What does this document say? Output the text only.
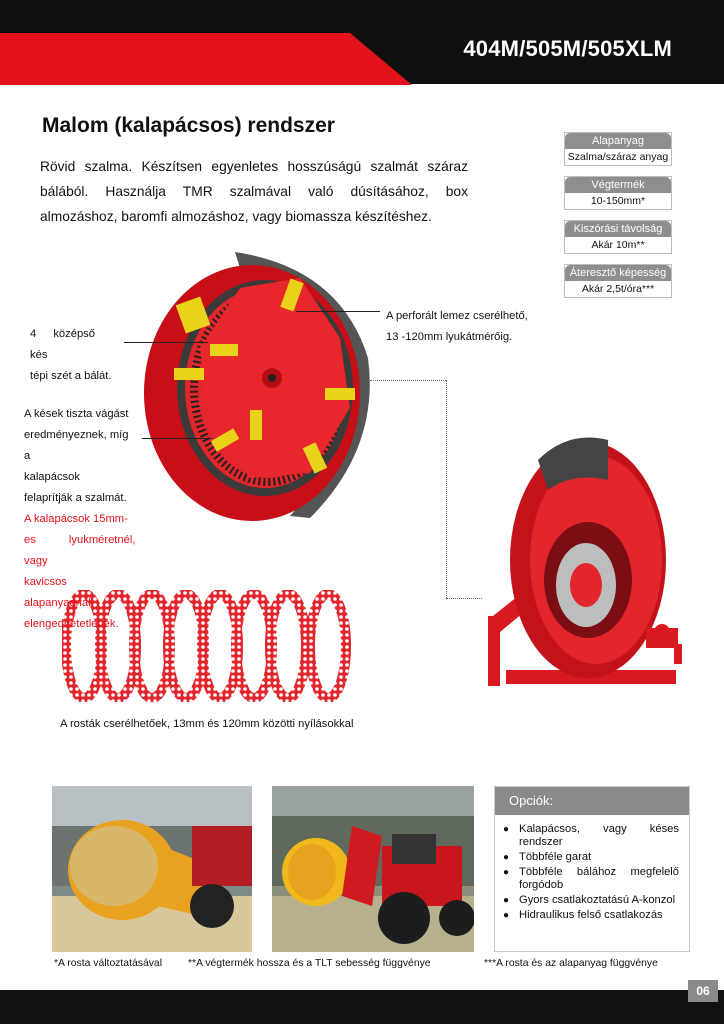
404M/505M/505XLM
Malom (kalapácsos) rendszer

Rövid szalma. Készítsen egyenletes hosszúságú szalmát száraz bálából. Használja TMR szalmával való dúsításához, box almozáshoz, baromfi almozáshoz, vagy biomassza készítéshez.

Alapanyag
Szalma/száraz anyag
Végtermék
10-150mm*
Kiszórási távolság
Akár 10m**
Áteresztő képesség
Akár 2,5t/óra***
A perforált lemez cserélhető,
13 -120mm lyukátmérőig.
4 középső kés
tépi szét a bálát.
A kések tiszta vágást
eredményeznek, míg
a kalapácsok
felaprítják a szalmát.
A kalapácsok 15mm-
es lyukméretnél,
vagy kavicsos
alapanyagnál
elengedhetetlenek.
A rosták cserélhetőek, 13mm és 120mm közötti nyílásokkal
Opciók:
● Kalapácsos, vagy késes rendszer
● Többféle garat
● Többféle bálához megfelelő forgódob
● Gyors csatlakoztatású A-konzol
● Hidraulikus felső csatlakozás
*A rosta változtatásával **A végtermék hossza és a TLT sebesség függvénye	***A rosta és az alapanyag függvénye
06
